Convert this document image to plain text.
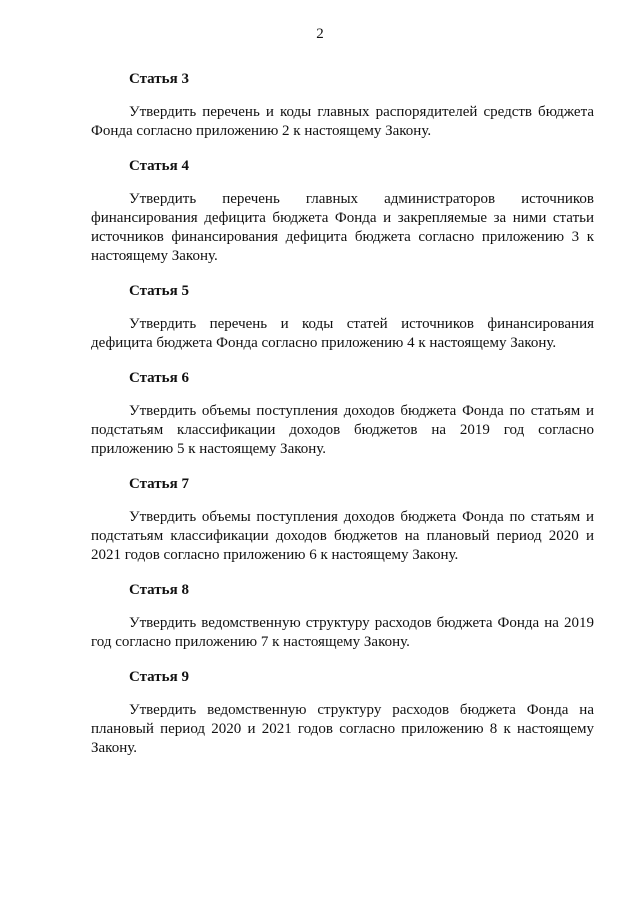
2
Статья 3

Утвердить перечень и коды главных распорядителей средств бюджета Фонда согласно приложению 2 к настоящему Закону.

Статья 4

Утвердить перечень главных администраторов источников финансирования дефицита бюджета Фонда и закрепляемые за ними статьи источников финансирования дефицита бюджета согласно приложению 3 к настоящему Закону.

Статья 5

Утвердить перечень и коды статей источников финансирования дефицита бюджета Фонда согласно приложению 4 к настоящему Закону.

Статья 6

Утвердить объемы поступления доходов бюджета Фонда по статьям и подстатьям классификации доходов бюджетов на 2019 год согласно приложению 5 к настоящему Закону.

Статья 7

Утвердить объемы поступления доходов бюджета Фонда по статьям и подстатьям классификации доходов бюджетов на плановый период 2020 и 2021 годов согласно приложению 6 к настоящему Закону.

Статья 8

Утвердить ведомственную структуру расходов бюджета Фонда на 2019 год согласно приложению 7 к настоящему Закону.

Статья 9

Утвердить ведомственную структуру расходов бюджета Фонда на плановый период 2020 и 2021 годов согласно приложению 8 к настоящему Закону.
